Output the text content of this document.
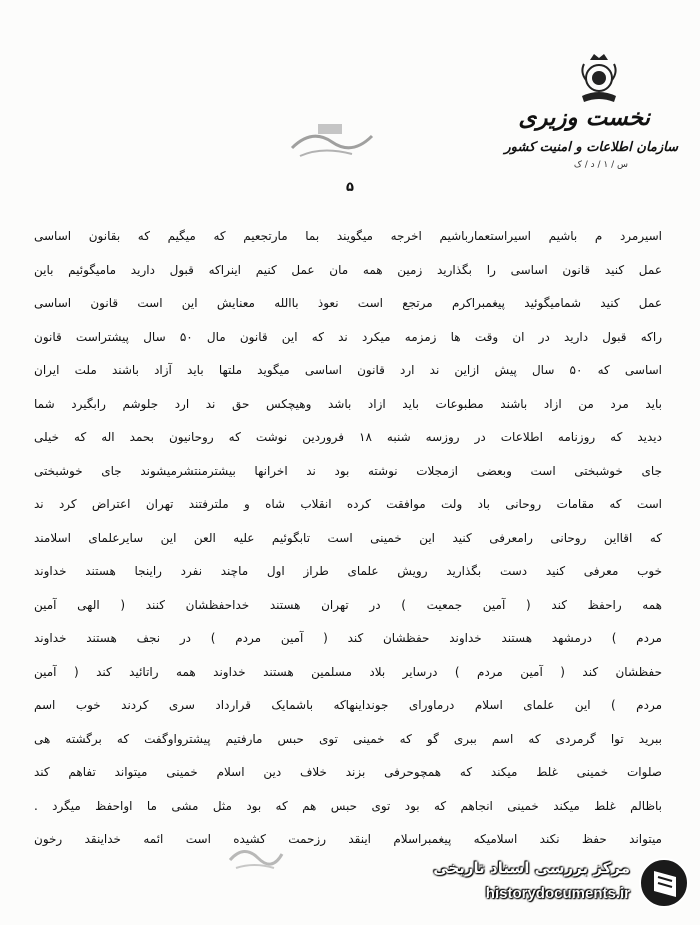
نخست وزیری
سازمان اطلاعات و امنیت کشور
س / ۱ / د / ک
۵
اسیرمرد م باشیم اسیراستعمارباشیم اخرجه میگویند بما مارتجعیم که میگیم که بقانون اساسی
عمل کنید قانون اساسی را بگذارید زمین همه مان عمل کنیم اینراکه قبول دارید مامیگوئیم باین
عمل کنید شمامیگوئید پیغمبراکرم مرتجع است نعوذ باالله معنایش این است قانون اساسی
راکه قبول دارید در ان وقت ها زمزمه میکرد ند که این قانون مال ۵۰ سال پیشتراست قانون
اساسی که ۵۰ سال پیش ازاین ند ارد قانون اساسی میگوید ملتها باید آزاد باشند ملت ایران
باید مرد من ازاد باشند مطبوعات باید ازاد باشد وهیچکس حق ند ارد جلوشم رابگیرد شما
دیدید که روزنامه اطلاعات در روزسه شنبه ۱۸ فروردین نوشت که روحانیون بحمد اله که خیلی
جای خوشبختی است وبعضی ازمجلات نوشته بود ند اخرانها بیشترمنتشرمیشوند جای خوشبختی
است که مقامات روحانی باد ولت موافقت کرده انقلاب شاه و ملترفتند تهران اعتراض کرد ند
که اقااین روحانی رامعرفی کنید این خمینی است تابگوئیم علیه العن این سایرعلمای اسلامند
خوب معرفی کنید دست بگذارید رویش علمای طراز اول ماچند نفرد راینجا هستند خداوند
همه راحفظ کند ( آمین جمعیت ) در تهران هستند خداحفظشان کنند ( الهی آمین
مردم ) درمشهد هستند خداوند حفظشان کند ( آمین مردم ) در نجف هستند خداوند
حفظشان کند ( آمین مردم ) درسایر بلاد مسلمین هستند خداوند همه راتائید کند ( آمین
مردم ) این علمای اسلام درماورای جونداینهاکه باشمایک قرارداد سری کردند خوب اسم
ببرید توا گرمردی که اسم ببری گو که خمینی توی حبس مارفتیم پیشترواوگفت که برگشته هی
صلوات خمینی غلط میکند که همچوحرفی بزند خلاف دین اسلام خمینی میتواند تفاهم کند
باظالم غلط میکند خمینی انجاهم که بود توی حبس هم که بود مثل مشی ما اواحفظ میگرد .
میتواند حفظ نکند اسلامیکه پیغمبراسلام اینقد رزحمت کشیده است ائمه خداینقد رخون
مرکز بررسی اسناد تاریخی
historydocuments.ir
